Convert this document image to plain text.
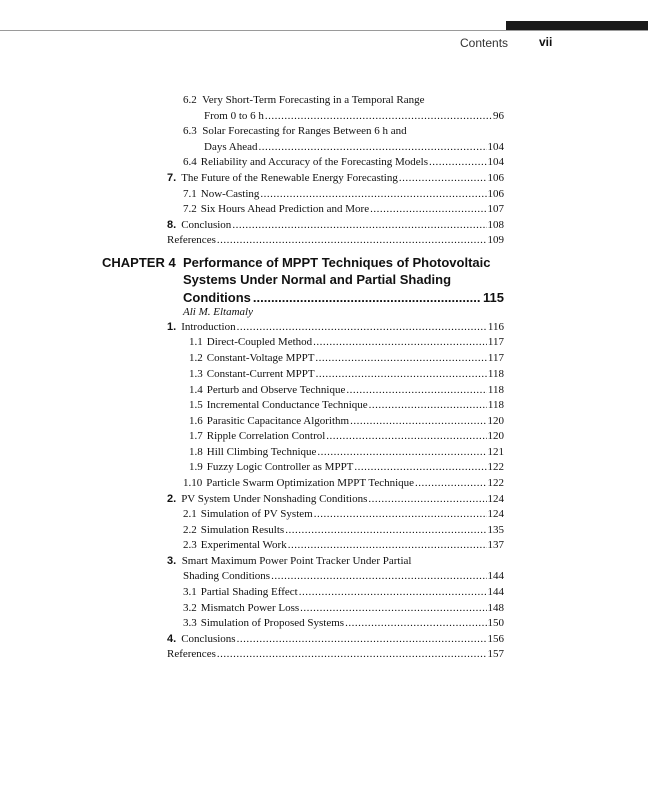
Contents	vii
6.2 Very Short-Term Forecasting in a Temporal Range
From 0 to 6 h .....	96
6.3 Solar Forecasting for Ranges Between 6 h and
Days Ahead .....	104
6.4 Reliability and Accuracy of the Forecasting Models .....	104
7. The Future of the Renewable Energy Forecasting .....	106
7.1 Now-Casting .....	106
7.2 Six Hours Ahead Prediction and More .....	107
8. Conclusion .....	108
References .....	109
CHAPTER 4 Performance of MPPT Techniques of Photovoltaic
Systems Under Normal and Partial Shading
Conditions .....	115
Ali M. Eltamaly
1. Introduction .....	116
1.1 Direct-Coupled Method .....	117
1.2 Constant-Voltage MPPT .....	117
1.3 Constant-Current MPPT .....	118
1.4 Perturb and Observe Technique .....	118
1.5 Incremental Conductance Technique .....	118
1.6 Parasitic Capacitance Algorithm .....	120
1.7 Ripple Correlation Control .....	120
1.8 Hill Climbing Technique .....	121
1.9 Fuzzy Logic Controller as MPPT .....	122
1.10 Particle Swarm Optimization MPPT Technique .....	122
2. PV System Under Nonshading Conditions .....	124
2.1 Simulation of PV System .....	124
2.2 Simulation Results .....	135
2.3 Experimental Work .....	137
3. Smart Maximum Power Point Tracker Under Partial
Shading Conditions .....	144
3.1 Partial Shading Effect .....	144
3.2 Mismatch Power Loss .....	148
3.3 Simulation of Proposed Systems .....	150
4. Conclusions .....	156
References .....	157
